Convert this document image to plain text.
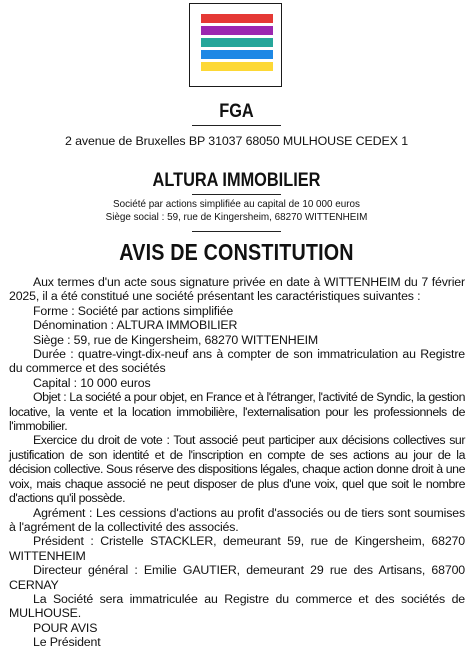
FGA
2 avenue de Bruxelles BP 31037 68050 MULHOUSE CEDEX 1
ALTURA IMMOBILIER
Société par actions simplifiée au capital de 10 000 euros
Siège social : 59, rue de Kingersheim, 68270 WITTENHEIM
AVIS DE CONSTITUTION

Aux termes d'un acte sous signature privée en date à WITTENHEIM du 7 février 2025, il a été constitué une société présentant les caractéristiques suivantes :

Forme : Société par actions simplifiée

Dénomination : ALTURA IMMOBILIER

Siège : 59, rue de Kingersheim, 68270 WITTENHEIM

Durée : quatre-vingt-dix-neuf ans à compter de son immatriculation au Registre du commerce et des sociétés

Capital : 10 000 euros

Objet : La société a pour objet, en France et à l'étranger, l'activité de Syndic, la gestion locative, la vente et la location immobilière, l'externalisation pour les professionnels de l'immobilier.

Exercice du droit de vote : Tout associé peut participer aux décisions collectives sur justification de son identité et de l'inscription en compte de ses actions au jour de la décision collective. Sous réserve des dispositions légales, chaque action donne droit à une voix, mais chaque associé ne peut disposer de plus d'une voix, quel que soit le nombre d'actions qu'il possède.

Agrément : Les cessions d'actions au profit d'associés ou de tiers sont soumises à l'agrément de la collectivité des associés.

Président : Cristelle STACKLER, demeurant 59, rue de Kingersheim, 68270 WITTENHEIM

Directeur général : Emilie GAUTIER, demeurant 29 rue des Artisans, 68700 CERNAY

La Société sera immatriculée au Registre du commerce et des sociétés de MULHOUSE.

POUR AVIS

Le Président
